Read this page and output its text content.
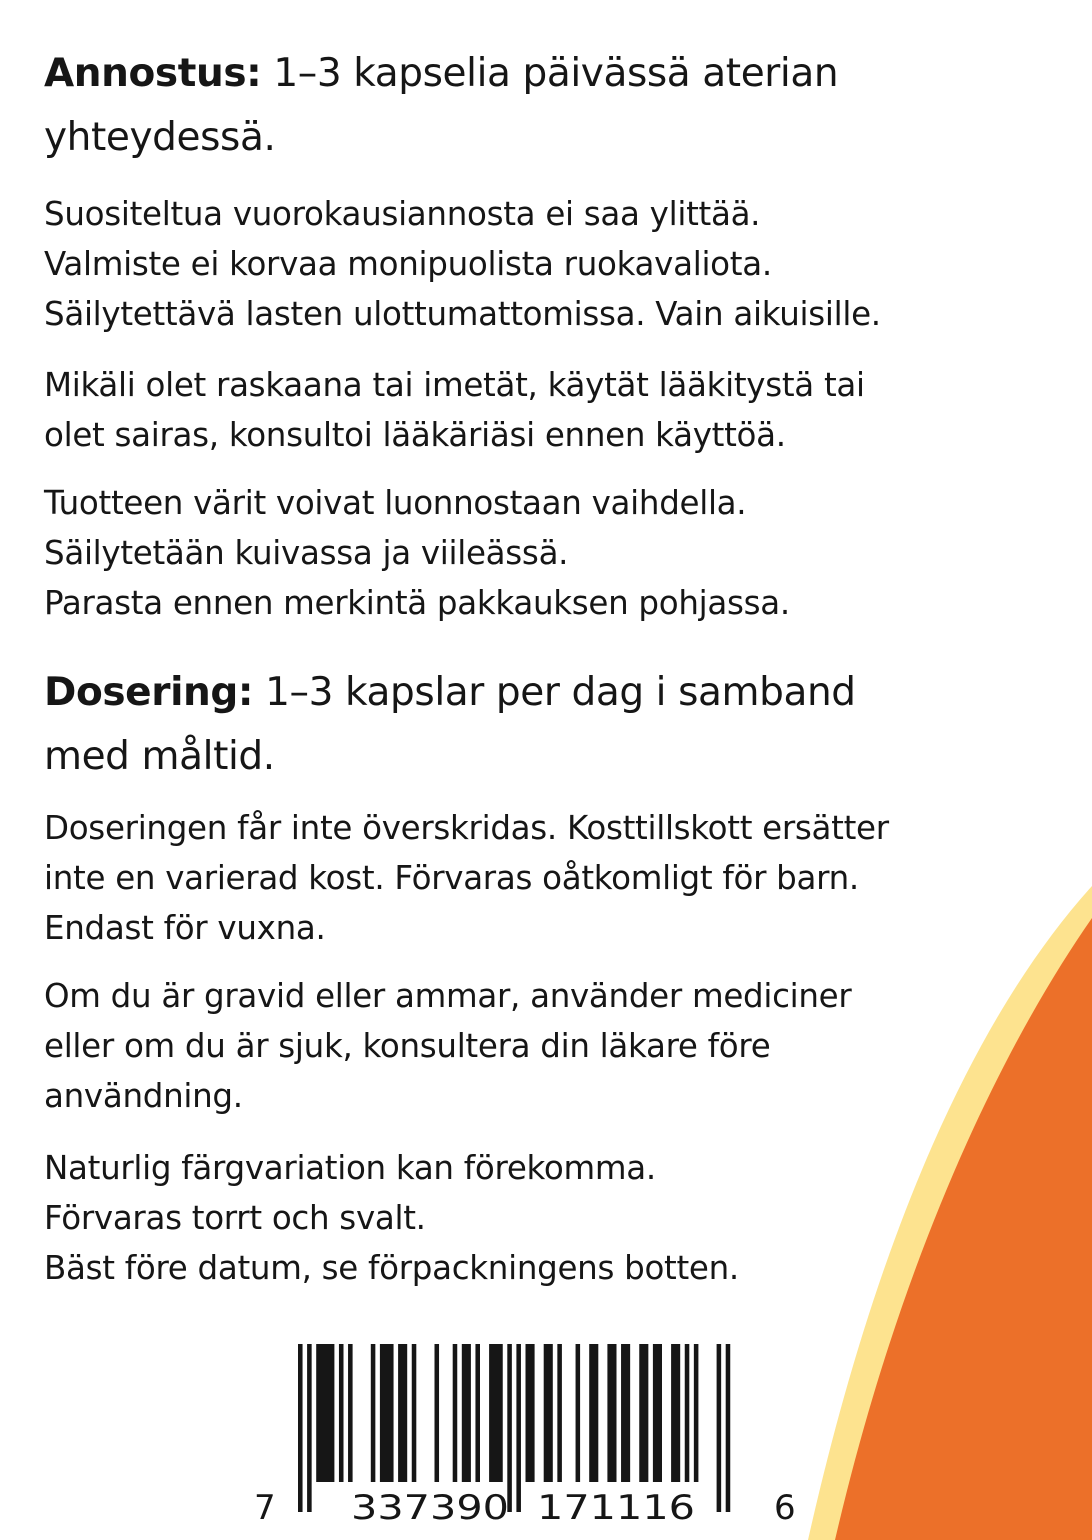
Annostus: 1–3 kapselia päivässä aterian
yhteydessä.
Suositeltua vuorokausiannosta ei saa ylittää.
Valmiste ei korvaa monipuolista ruokavaliota.
Säilytettävä lasten ulottumattomissa. Vain aikuisille.
Mikäli olet raskaana tai imetät, käytät lääkitystä tai
olet sairas, konsultoi lääkäriäsi ennen käyttöä.
Tuotteen värit voivat luonnostaan vaihdella.
Säilytetään kuivassa ja viileässä.
Parasta ennen merkintä pakkauksen pohjassa.
Dosering: 1–3 kapslar per dag i samband
med måltid.
Doseringen får inte överskridas. Kosttillskott ersätter
inte en varierad kost. Förvaras oåtkomligt för barn.
Endast för vuxna.
Om du är gravid eller ammar, använder mediciner
eller om du är sjuk, konsultera din läkare före
användning.
Naturlig färgvariation kan förekomma.
Förvaras torrt och svalt.
Bäst före datum, se förpackningens botten.
7 337390 171116 6
